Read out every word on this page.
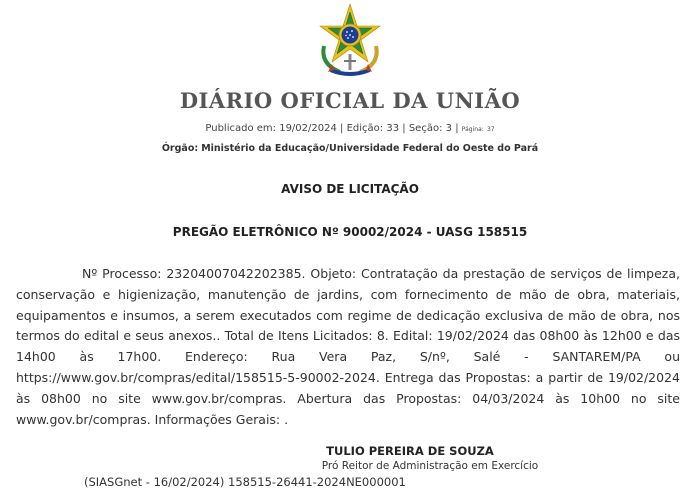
DIÁRIO OFICIAL DA UNIÃO
Publicado em: 19/02/2024 | Edição: 33 | Seção: 3 | Página: 37
Órgão: Ministério da Educação/Universidade Federal do Oeste do Pará
AVISO DE LICITAÇÃO
PREGÃO ELETRÔNICO Nº 90002/2024 - UASG 158515

Nº Processo: 23204007042202385. Objeto: Contratação da prestação de serviços de limpeza, conservação e higienização, manutenção de jardins, com fornecimento de mão de obra, materiais, equipamentos e insumos, a serem executados com regime de dedicação exclusiva de mão de obra, nos termos do edital e seus anexos.. Total de Itens Licitados: 8. Edital: 19/02/2024 das 08h00 às 12h00 e das 14h00 às 17h00. Endereço: Rua Vera Paz, S/nº, Salé - SANTAREM/PA ou https://www.gov.br/compras/edital/158515-5-90002-2024. Entrega das Propostas: a partir de 19/02/2024 às 08h00 no site www.gov.br/compras. Abertura das Propostas: 04/03/2024 às 10h00 no site www.gov.br/compras. Informações Gerais: .

TULIO PEREIRA DE SOUZA
Pró Reitor de Administração em Exercício
(SIASGnet - 16/02/2024) 158515-26441-2024NE000001
